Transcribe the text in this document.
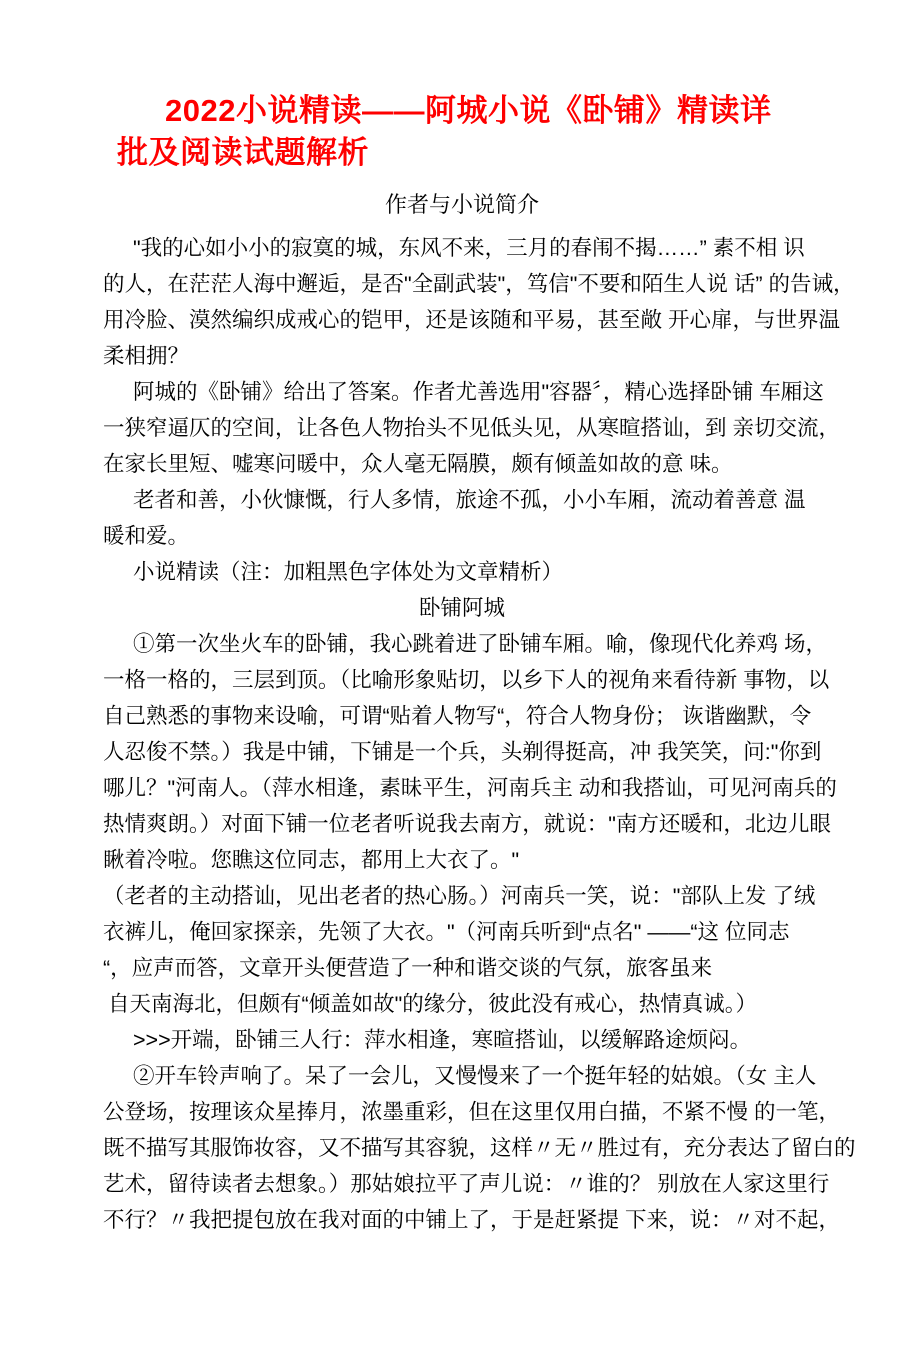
2022小说精读——阿城小说《卧铺》精读详
批及阅读试题解析
作者与小说简介
"我的心如小小的寂寞的城，东风不来，三月的春闱不揭……” 素不相 识
的人，在茫茫人海中邂逅，是否"全副武装"，笃信"不要和陌生人说 话” 的告诫，
用冷脸、漠然编织成戒心的铠甲，还是该随和平易，甚至敞 开心扉，与世界温
柔相拥？
阿城的《卧铺》给出了答案。作者尤善选用"容器〞，精心选择卧铺 车厢这
一狭窄逼仄的空间，让各色人物抬头不见低头见，从寒暄搭讪，到 亲切交流，
在家长里短、嘘寒问暖中，众人毫无隔膜，颇有倾盖如故的意 味。
老者和善，小伙慷慨，行人多情，旅途不孤，小小车厢，流动着善意 温
暖和爱。
小说精读（注：加粗黑色字体处为文章精析）
卧铺阿城
①第一次坐火车的卧铺，我心跳着进了卧铺车厢。喻，像现代化养鸡 场，
一格一格的，三层到顶。（比喻形象贴切，以乡下人的视角来看待新 事物，以
自己熟悉的事物来设喻，可谓“贴着人物写“，符合人物身份； 诙谐幽默，令
人忍俊不禁。）我是中铺，下铺是一个兵，头剃得挺高，冲 我笑笑，问:"你到
哪儿？"河南人。（萍水相逢，素昧平生，河南兵主 动和我搭讪，可见河南兵的
热情爽朗。）对面下铺一位老者听说我去南方，就说："南方还暖和，北边儿眼
瞅着冷啦。您瞧这位同志，都用上大衣了。"
（老者的主动搭讪，见出老者的热心肠。）河南兵一笑，说："部队上发 了绒
衣裤儿，俺回家探亲，先领了大衣。"（河南兵听到“点名" ——“这 位同志
“，应声而答，文章开头便营造了一种和谐交谈的气氛，旅客虽来
自天南海北，但颇有“倾盖如故"的缘分，彼此没有戒心，热情真诚。）
>>>开端，卧铺三人行：萍水相逢，寒暄搭讪，以缓解路途烦闷。
②开车铃声响了。呆了一会儿，又慢慢来了一个挺年轻的姑娘。（女 主人
公登场，按理该众星捧月，浓墨重彩，但在这里仅用白描，不紧不慢 的一笔，
既不描写其服饰妆容，又不描写其容貌，这样〃无〃胜过有，充分表达了留白的
艺术，留待读者去想象。）那姑娘拉平了声儿说：〃谁的？ 别放在人家这里行
不行？〃我把提包放在我对面的中铺上了，于是赶紧提 下来，说：〃对不起，
